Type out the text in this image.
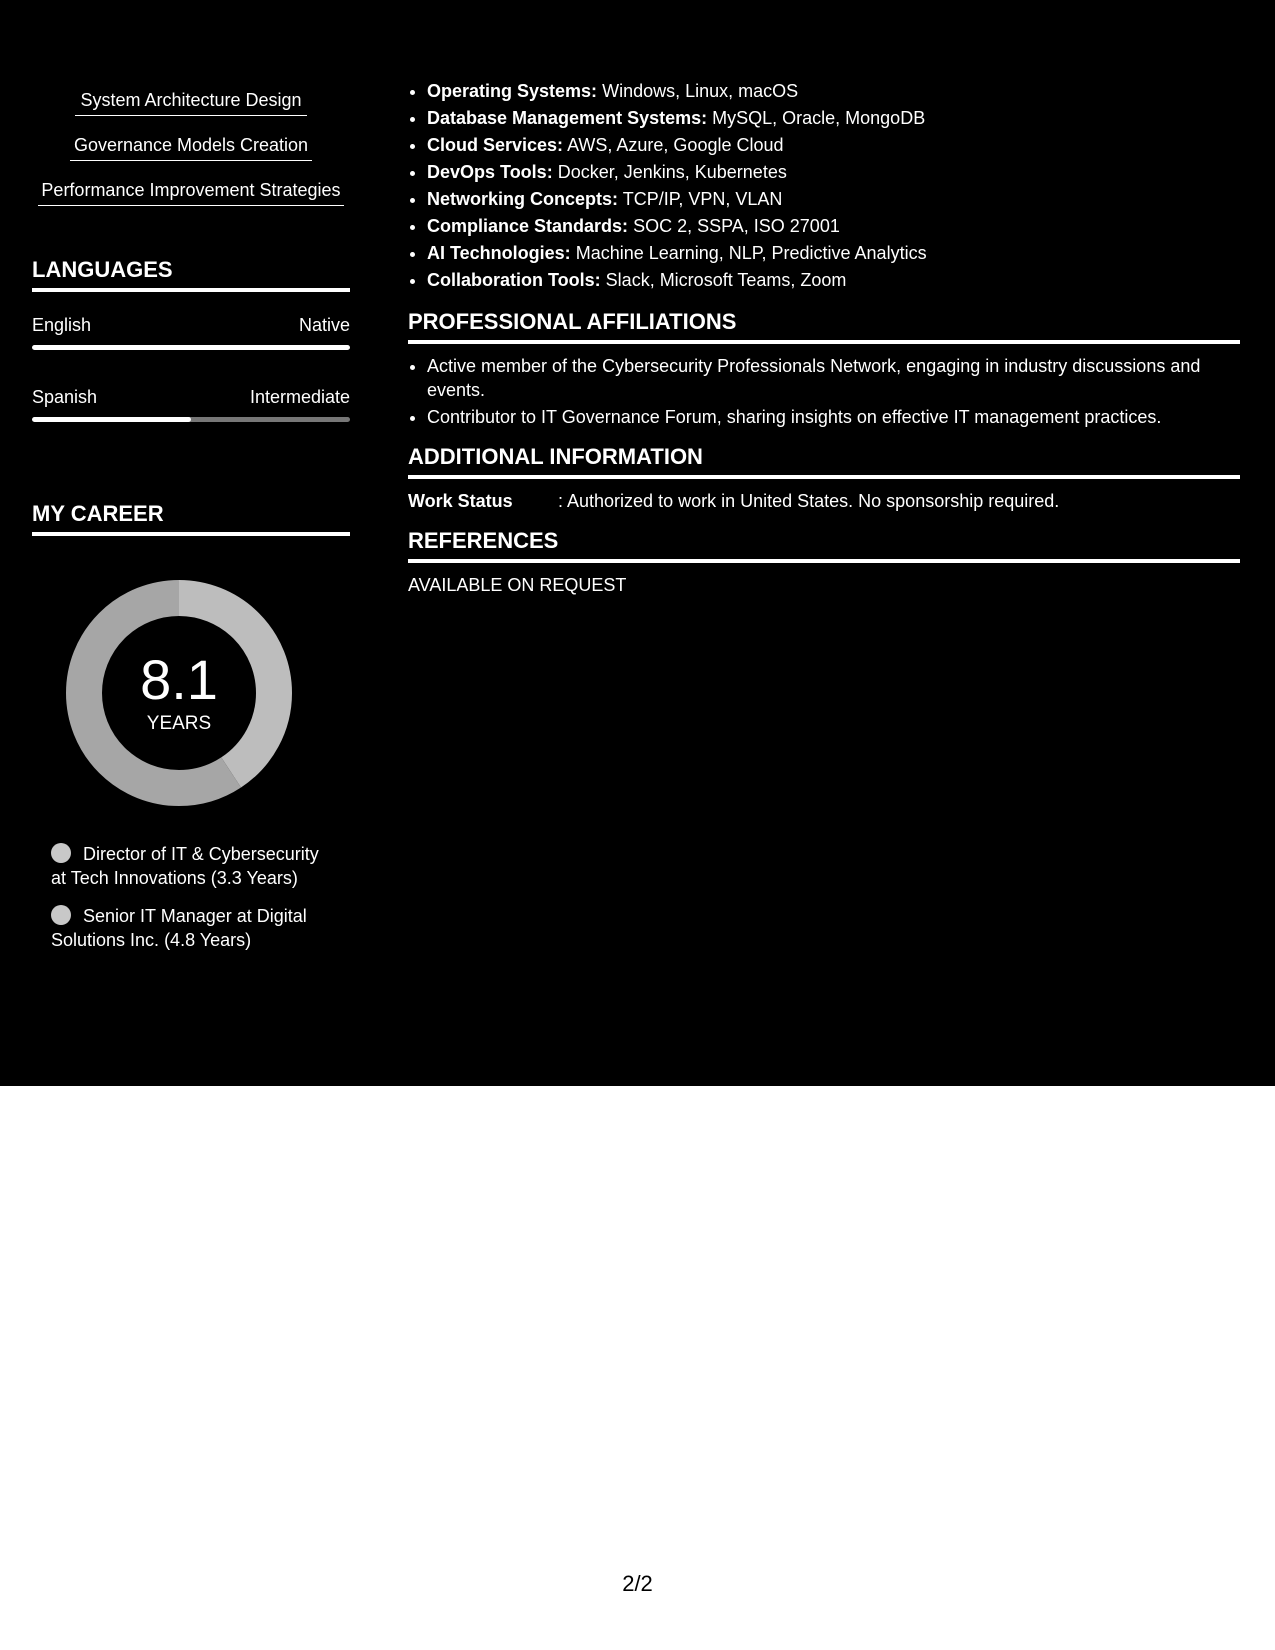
System Architecture Design
Governance Models Creation
Performance Improvement Strategies
LANGUAGES
English	Native
Spanish	Intermediate
MY CAREER
8.1
YEARS
Director of IT & Cybersecurity at Tech Innovations (3.3 Years)
Senior IT Manager at Digital Solutions Inc. (4.8 Years)
• Operating Systems: Windows, Linux, macOS
• Database Management Systems: MySQL, Oracle, MongoDB
• Cloud Services: AWS, Azure, Google Cloud
• DevOps Tools: Docker, Jenkins, Kubernetes
• Networking Concepts: TCP/IP, VPN, VLAN
• Compliance Standards: SOC 2, SSPA, ISO 27001
• AI Technologies: Machine Learning, NLP, Predictive Analytics
• Collaboration Tools: Slack, Microsoft Teams, Zoom
PROFESSIONAL AFFILIATIONS
• Active member of the Cybersecurity Professionals Network, engaging in industry discussions and events.
• Contributor to IT Governance Forum, sharing insights on effective IT management practices.
ADDITIONAL INFORMATION
Work Status	: Authorized to work in United States. No sponsorship required.
REFERENCES
AVAILABLE ON REQUEST
2/2
